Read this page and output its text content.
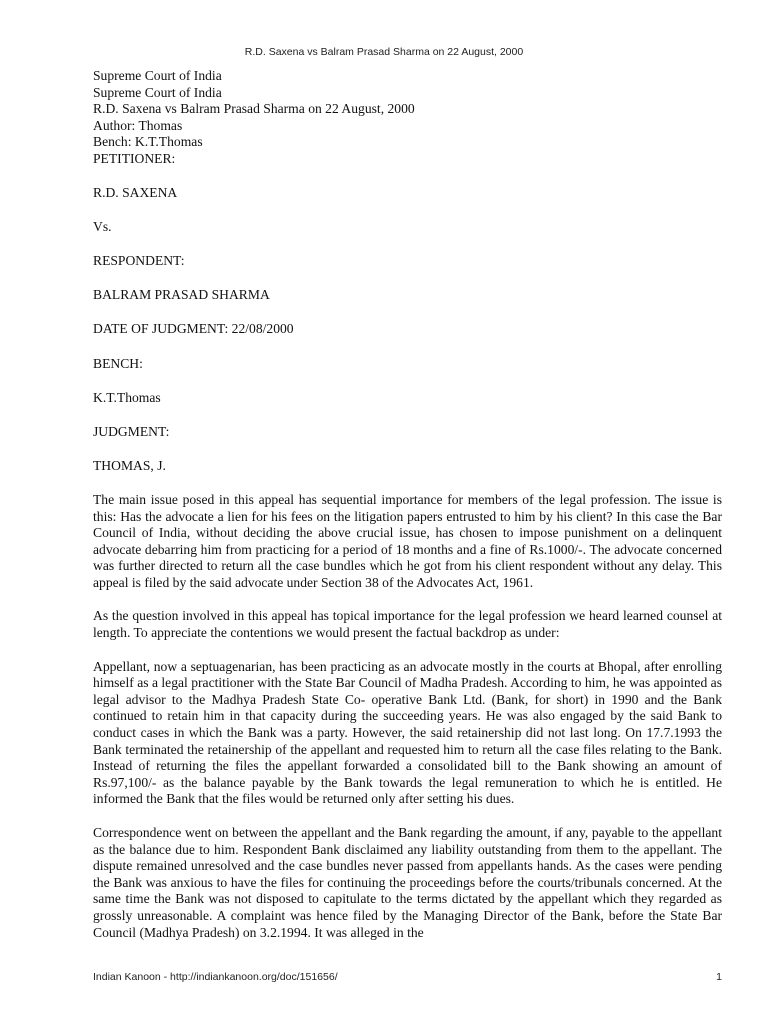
R.D. Saxena vs Balram Prasad Sharma on 22 August, 2000

Supreme Court of India

Supreme Court of India

R.D. Saxena vs Balram Prasad Sharma on 22 August, 2000

Author: Thomas

Bench: K.T.Thomas

PETITIONER:

R.D. SAXENA

Vs.

RESPONDENT:

BALRAM PRASAD SHARMA

DATE OF JUDGMENT: 22/08/2000

BENCH:

K.T.Thomas

JUDGMENT:

THOMAS, J.

The main issue posed in this appeal has sequential importance for members of the legal profession. The issue is this: Has the advocate a lien for his fees on the litigation papers entrusted to him by his client? In this case the Bar Council of India, without deciding the above crucial issue, has chosen to impose punishment on a delinquent advocate debarring him from practicing for a period of 18 months and a fine of Rs.1000/-. The advocate concerned was further directed to return all the case bundles which he got from his client respondent without any delay. This appeal is filed by the said advocate under Section 38 of the Advocates Act, 1961.

As the question involved in this appeal has topical importance for the legal profession we heard learned counsel at length. To appreciate the contentions we would present the factual backdrop as under:

Appellant, now a septuagenarian, has been practicing as an advocate mostly in the courts at Bhopal, after enrolling himself as a legal practitioner with the State Bar Council of Madha Pradesh. According to him, he was appointed as legal advisor to the Madhya Pradesh State Co- operative Bank Ltd. (Bank, for short) in 1990 and the Bank continued to retain him in that capacity during the succeeding years. He was also engaged by the said Bank to conduct cases in which the Bank was a party. However, the said retainership did not last long. On 17.7.1993 the Bank terminated the retainership of the appellant and requested him to return all the case files relating to the Bank. Instead of returning the files the appellant forwarded a consolidated bill to the Bank showing an amount of Rs.97,100/- as the balance payable by the Bank towards the legal remuneration to which he is entitled. He informed the Bank that the files would be returned only after setting his dues.

Correspondence went on between the appellant and the Bank regarding the amount, if any, payable to the appellant as the balance due to him. Respondent Bank disclaimed any liability outstanding from them to the appellant. The dispute remained unresolved and the case bundles never passed from appellants hands. As the cases were pending the Bank was anxious to have the files for continuing the proceedings before the courts/tribunals concerned. At the same time the Bank was not disposed to capitulate to the terms dictated by the appellant which they regarded as grossly unreasonable. A complaint was hence filed by the Managing Director of the Bank, before the State Bar Council (Madhya Pradesh) on 3.2.1994. It was alleged in the

Indian Kanoon - http://indiankanoon.org/doc/151656/	1
